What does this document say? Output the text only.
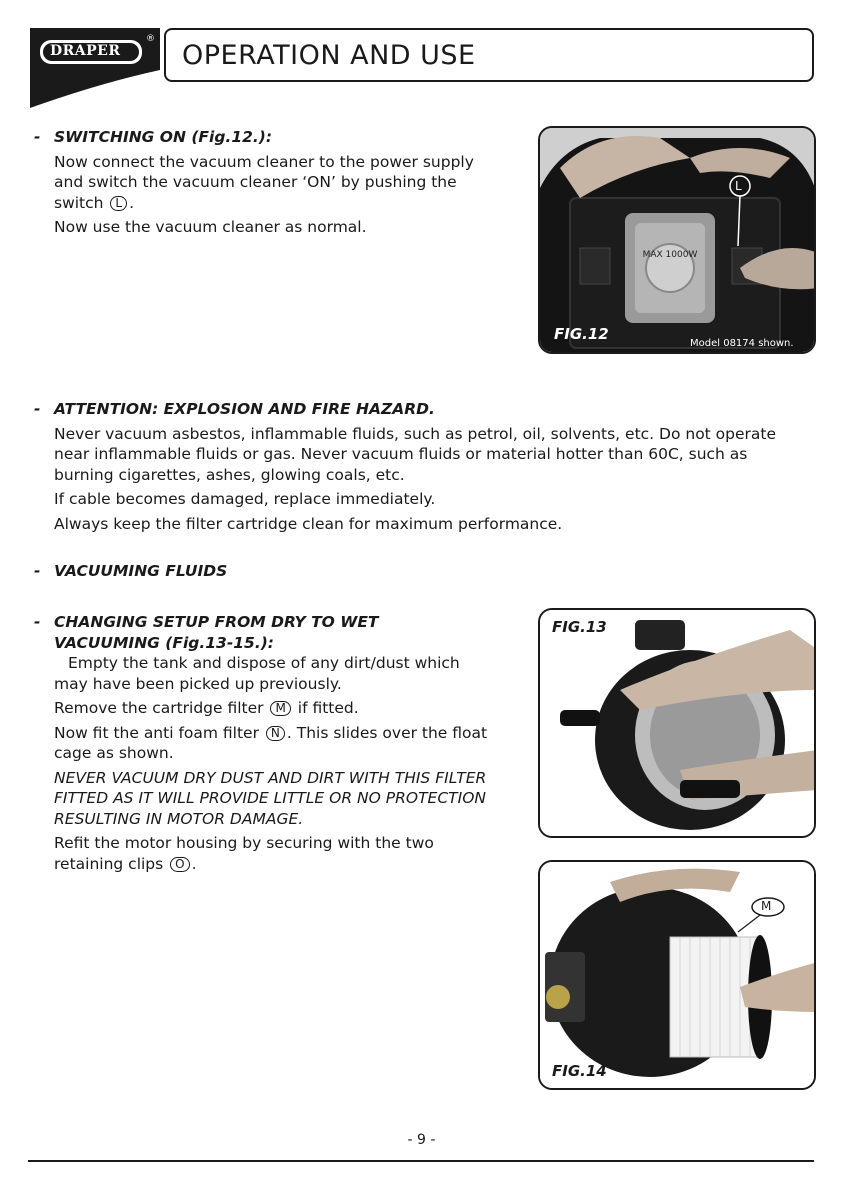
DRAPER
®
OPERATION AND USE
- SWITCHING ON (Fig.12.):

Now connect the vacuum cleaner to the power supply

and switch the vacuum cleaner ‘ON’ by pushing the

switch L .

Now use the vacuum cleaner as normal.

L
MAX 1000W
FIG.12
Model 08174 shown.
- ATTENTION: EXPLOSION AND FIRE HAZARD.

Never vacuum asbestos, inflammable fluids, such as petrol, oil, solvents, etc. Do not operate

near inflammable fluids or gas. Never vacuum fluids or material hotter than 60C, such as

burning cigarettes, ashes, glowing coals, etc.

If cable becomes damaged, replace immediately.

Always keep the filter cartridge clean for maximum performance.

- VACUUMING FLUIDS
- CHANGING SETUP FROM DRY TO WET
VACUUMING (Fig.13-15.):

Empty the tank and dispose of any dirt/dust which

may have been picked up previously.

Remove the cartridge filter M if fitted.

Now fit the anti foam filter N . This slides over the float

cage as shown.

NEVER VACUUM DRY DUST AND DIRT WITH THIS FILTER

FITTED AS IT WILL PROVIDE LITTLE OR NO PROTECTION

RESULTING IN MOTOR DAMAGE.

Refit the motor housing by securing with the two

retaining clips O .

FIG.13
M
FIG.14
- 9 -
